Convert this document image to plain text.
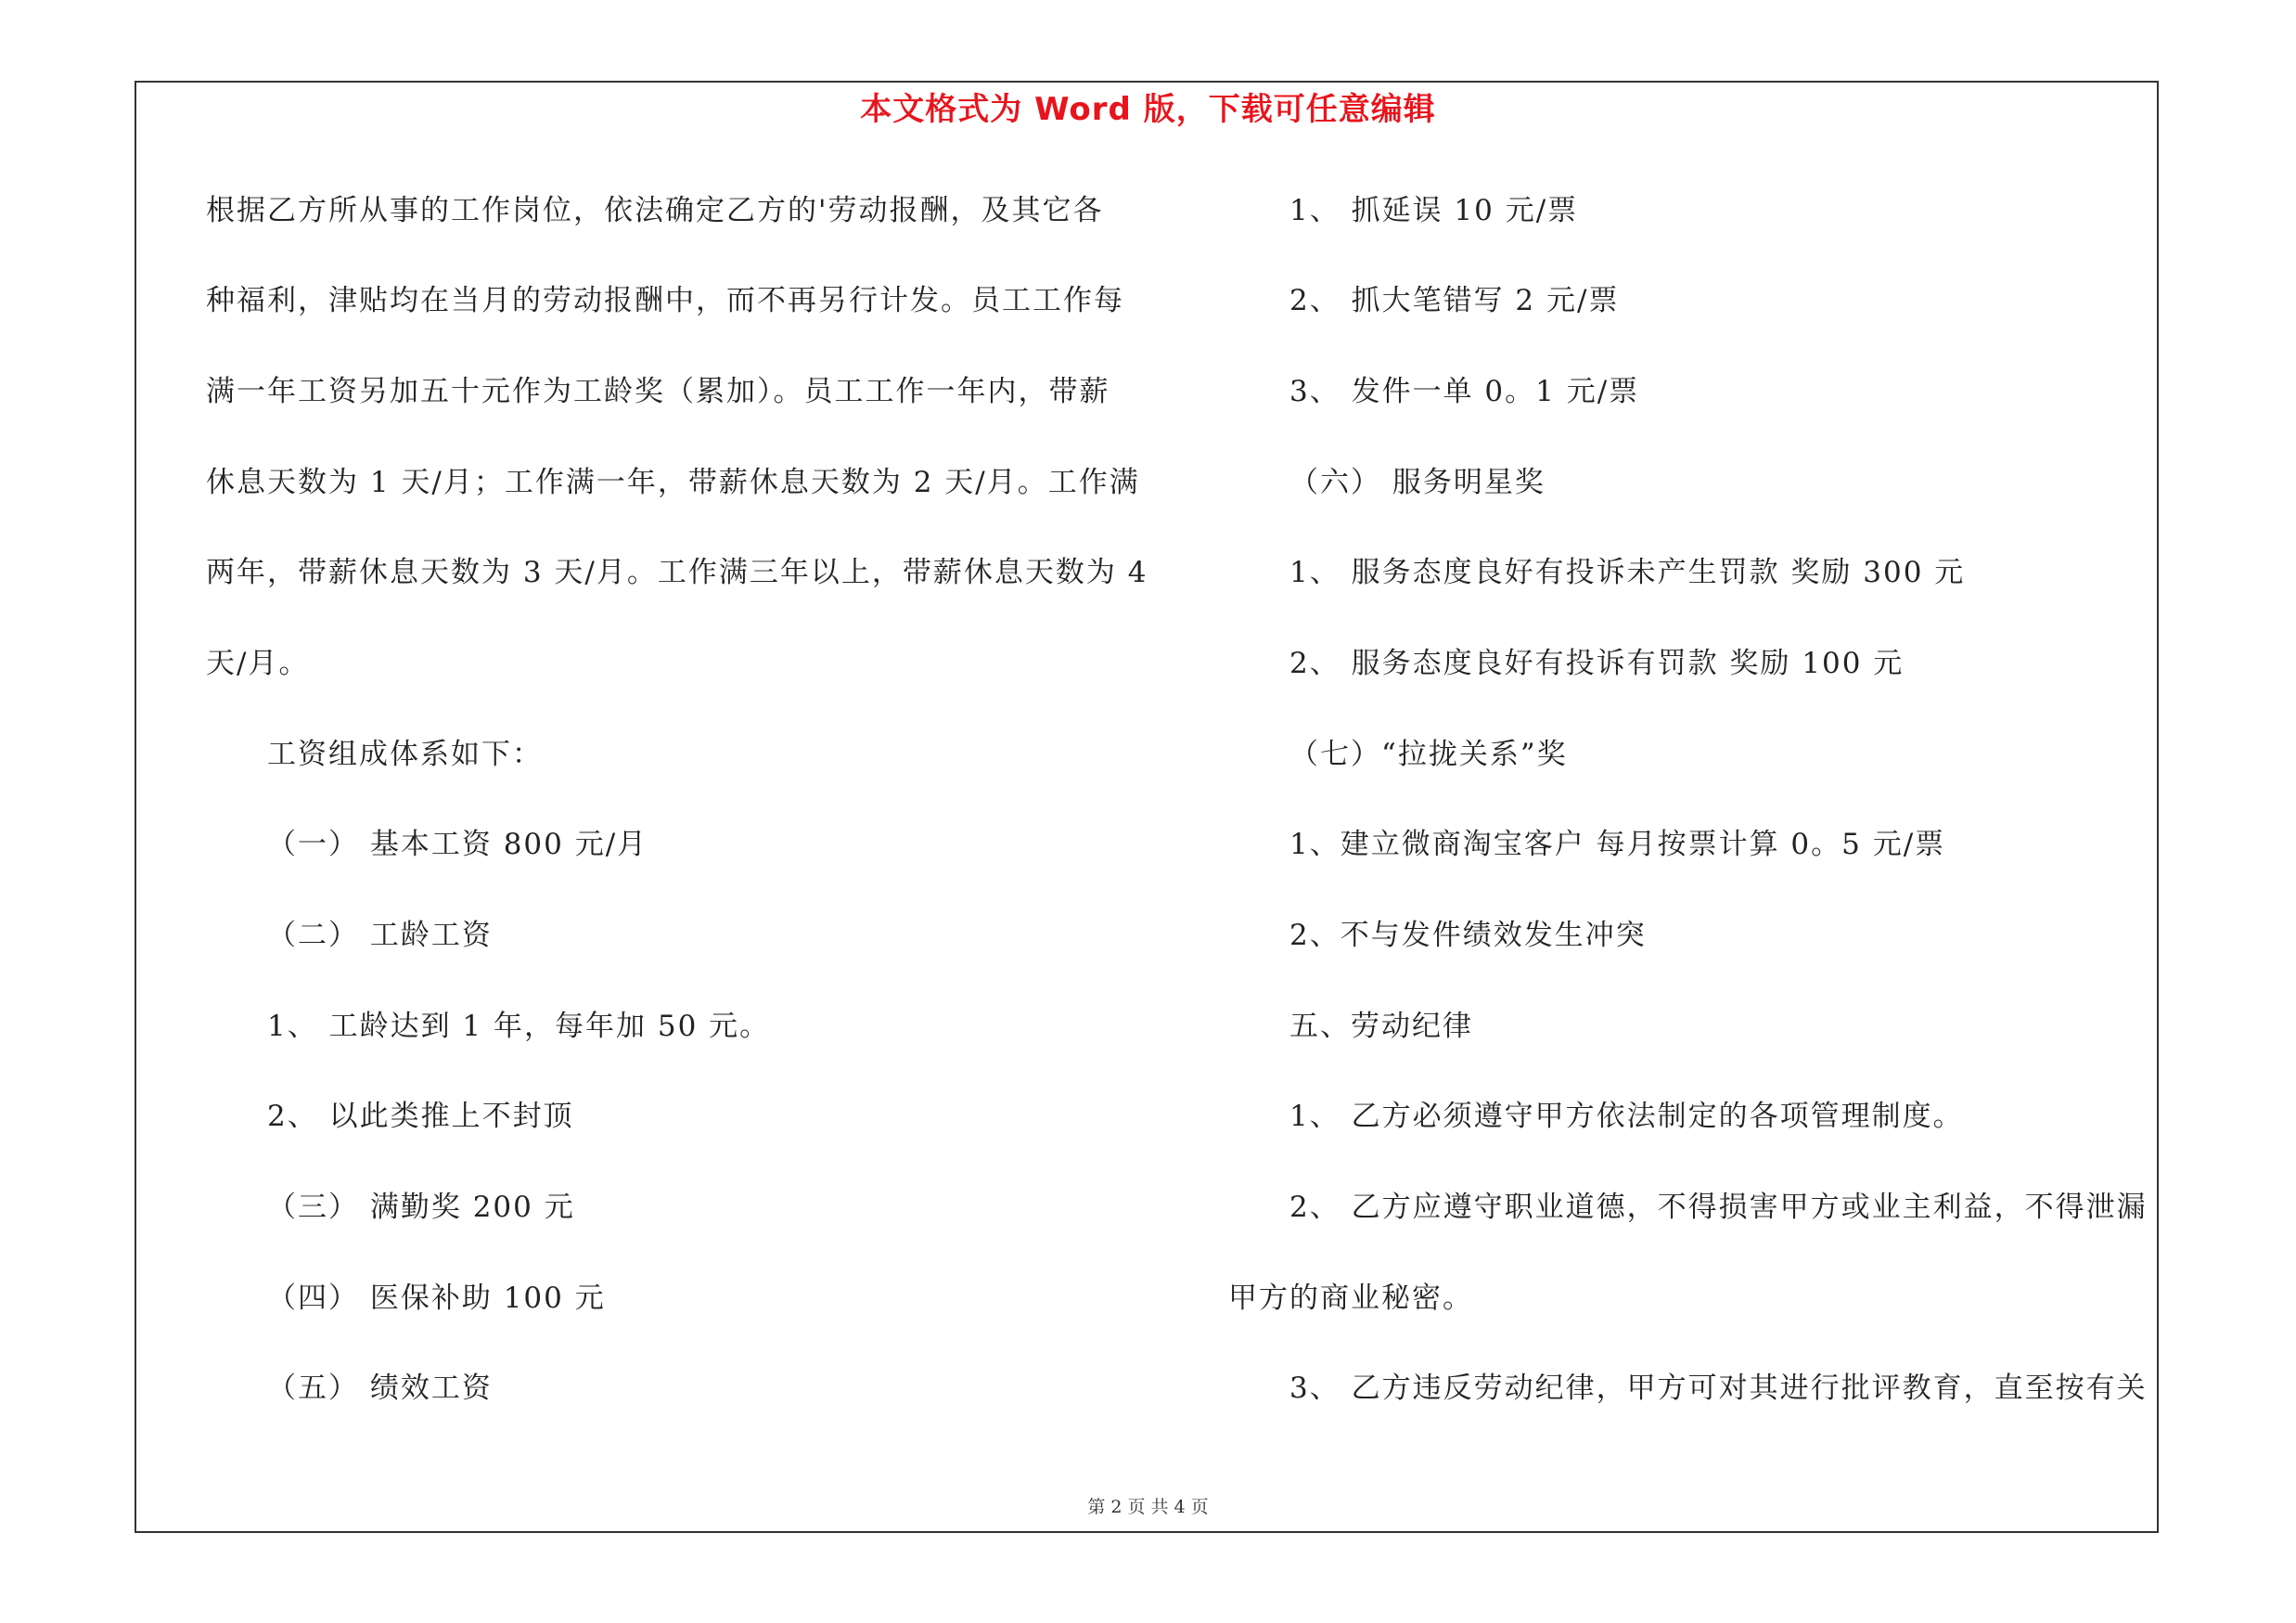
本文格式为 Word 版，下载可任意编辑
根据乙方所从事的工作岗位，依法确定乙方的'劳动报酬，及其它各
种福利，津贴均在当月的劳动报酬中，而不再另行计发。员工工作每
满一年工资另加五十元作为工龄奖（累加）。员工工作一年内，带薪
休息天数为 1 天/月；工作满一年，带薪休息天数为 2 天/月。工作满
两年，带薪休息天数为 3 天/月。工作满三年以上，带薪休息天数为 4
天/月。
工资组成体系如下：
（一） 基本工资 800 元/月
（二） 工龄工资
1、 工龄达到 1 年，每年加 50 元。
2、 以此类推上不封顶
（三） 满勤奖 200 元
（四） 医保补助 100 元
（五） 绩效工资
1、 抓延误 10 元/票
2、 抓大笔错写 2 元/票
3、 发件一单 0。1 元/票
（六） 服务明星奖
1、 服务态度良好有投诉未产生罚款 奖励 300 元
2、 服务态度良好有投诉有罚款 奖励 100 元
（七）“拉拢关系”奖
1、建立微商淘宝客户 每月按票计算 0。5 元/票
2、不与发件绩效发生冲突
五、劳动纪律
1、 乙方必须遵守甲方依法制定的各项管理制度。
2、 乙方应遵守职业道德，不得损害甲方或业主利益，不得泄漏
甲方的商业秘密。
3、 乙方违反劳动纪律，甲方可对其进行批评教育，直至按有关
第 2 页 共 4 页
